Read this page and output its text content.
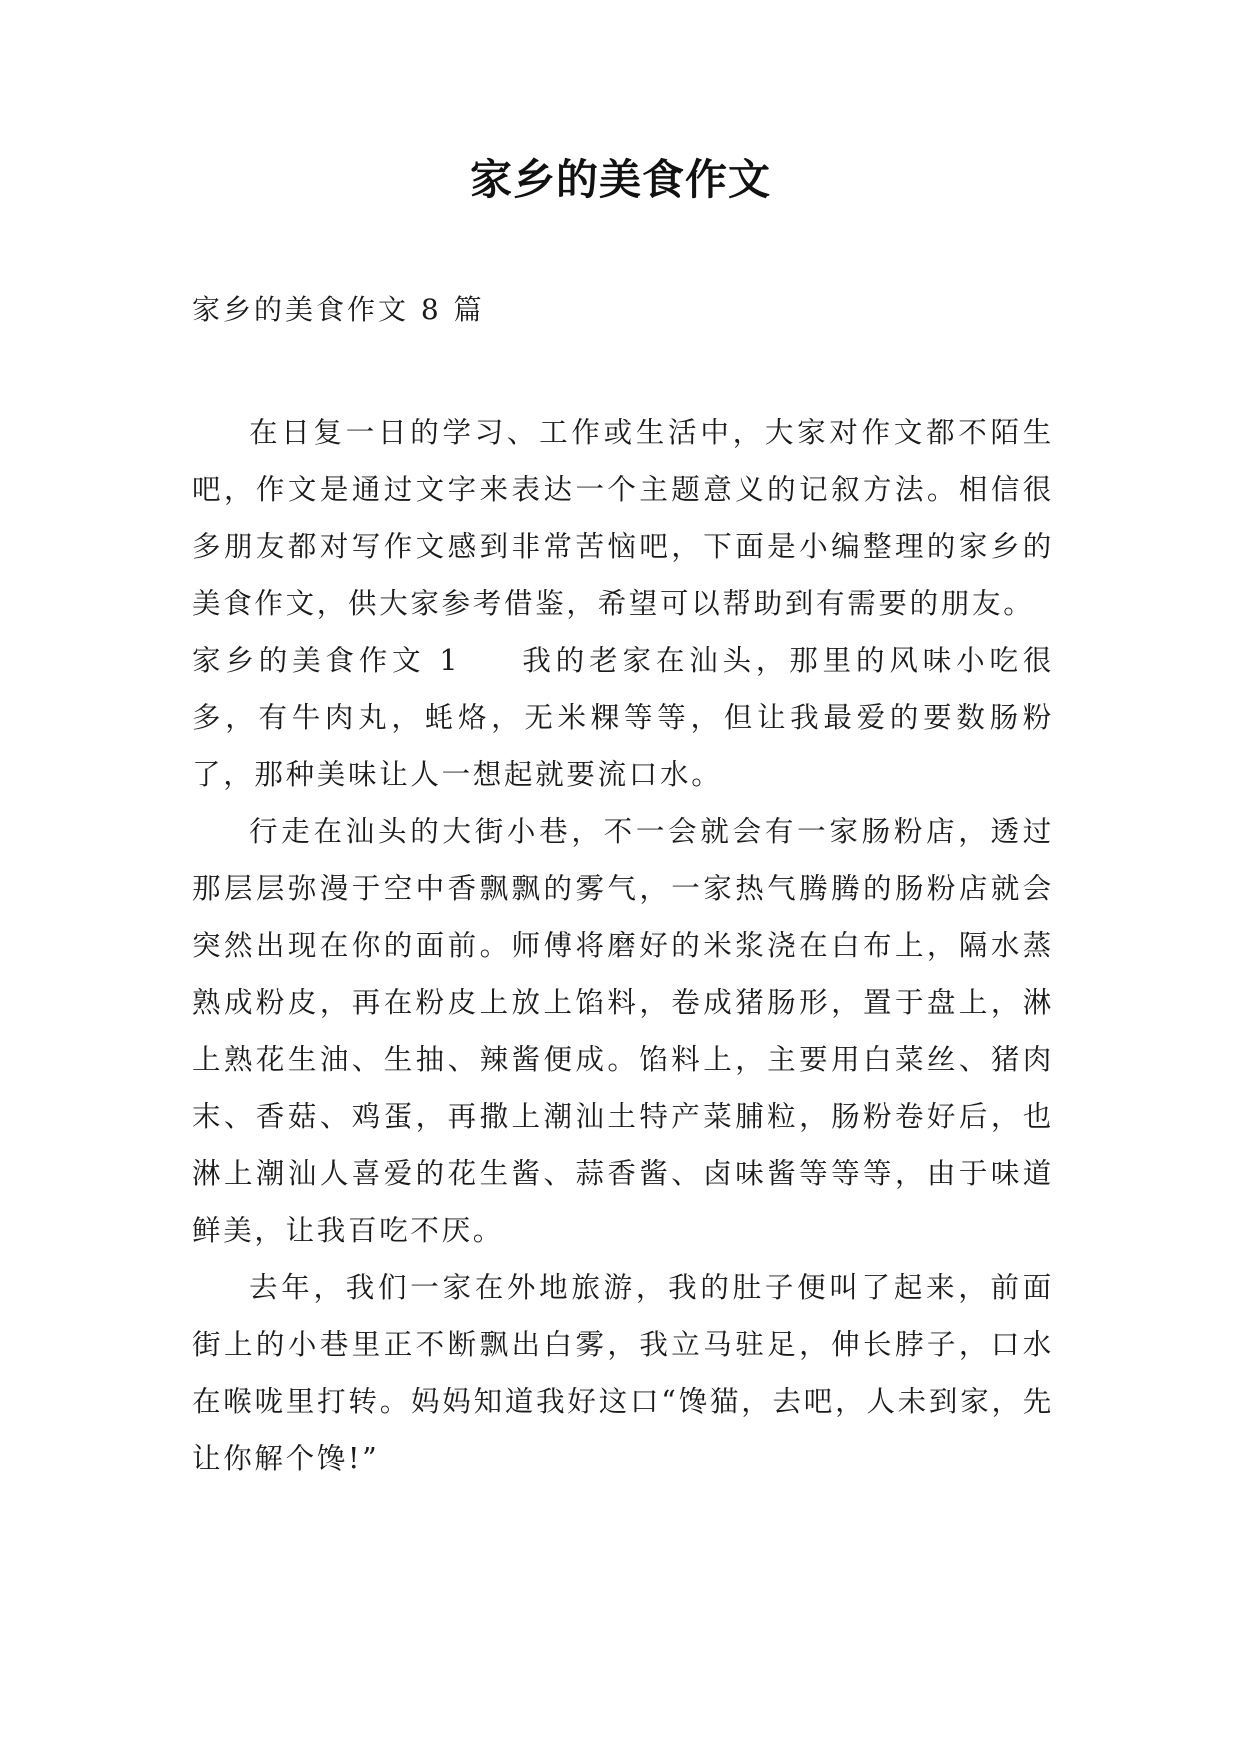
家乡的美食作文
家乡的美食作文 8 篇

在日复一日的学习、工作或生活中，大家对作文都不陌生吧，作文是通过文字来表达一个主题意义的记叙方法。相信很多朋友都对写作文感到非常苦恼吧，下面是小编整理的家乡的美食作文，供大家参考借鉴，希望可以帮助到有需要的朋友。

家乡的美食作文 1 我的老家在汕头，那里的风味小吃很多，有牛肉丸，蚝烙，无米粿等等，但让我最爱的要数肠粉了，那种美味让人一想起就要流口水。

行走在汕头的大街小巷，不一会就会有一家肠粉店，透过那层层弥漫于空中香飘飘的雾气，一家热气腾腾的肠粉店就会突然出现在你的面前。师傅将磨好的米浆浇在白布上，隔水蒸熟成粉皮，再在粉皮上放上馅料，卷成猪肠形，置于盘上，淋上熟花生油、生抽、辣酱便成。馅料上，主要用白菜丝、猪肉末、香菇、鸡蛋，再撒上潮汕土特产菜脯粒，肠粉卷好后，也淋上潮汕人喜爱的花生酱、蒜香酱、卤味酱等等等，由于味道鲜美，让我百吃不厌。

去年，我们一家在外地旅游，我的肚子便叫了起来，前面街上的小巷里正不断飘出白雾，我立马驻足，伸长脖子，口水在喉咙里打转。妈妈知道我好这口“馋猫，去吧，人未到家，先让你解个馋!”
